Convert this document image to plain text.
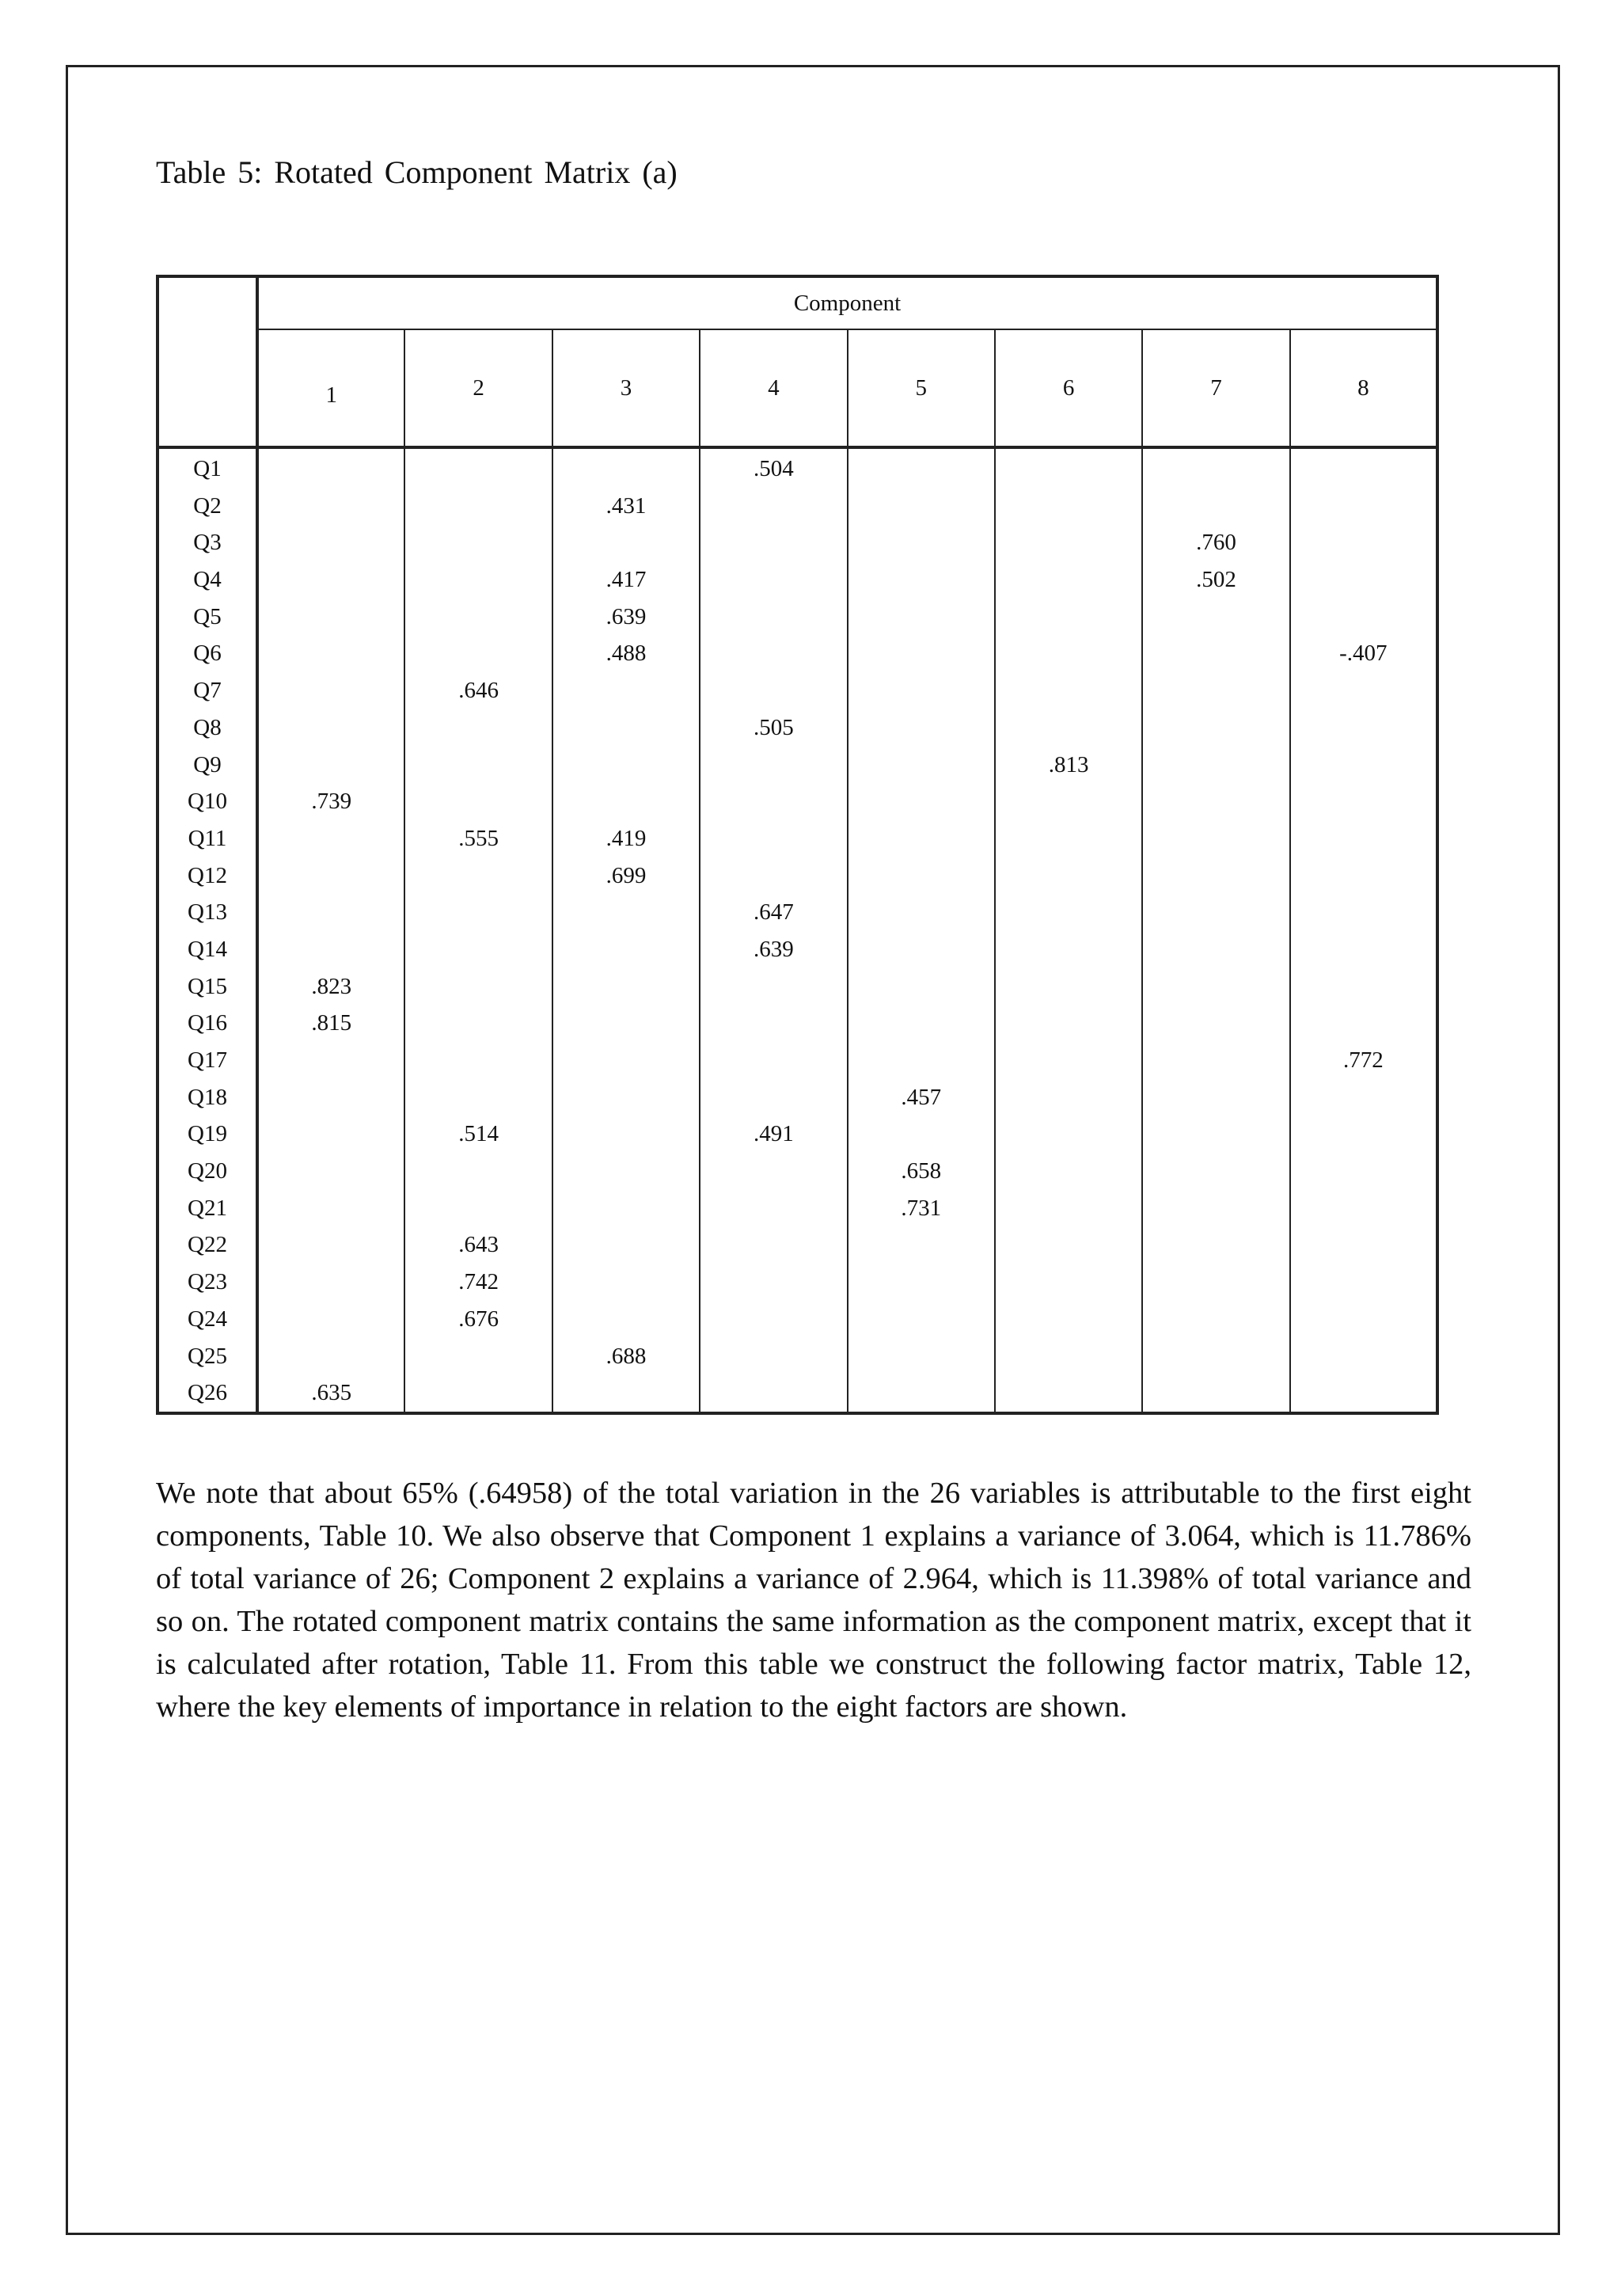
Table 5: Rotated Component Matrix (a)
	Component							
	1	2	3	4	5	6	7	8
Q1				.504				
Q2			.431					
Q3							.760	
Q4			.417				.502	
Q5			.639					
Q6			.488					-.407
Q7		.646						
Q8				.505				
Q9						.813		
Q10	.739							
Q11		.555	.419					
Q12			.699					
Q13				.647				
Q14				.639				
Q15	.823							
Q16	.815							
Q17								.772
Q18					.457			
Q19		.514		.491				
Q20					.658			
Q21					.731			
Q22		.643						
Q23		.742						
Q24		.676						
Q25			.688					
Q26	.635							

We note that about 65% (.64958) of the total variation in the 26 variables is attributable to the first eight components, Table 10. We also observe that Component 1 explains a variance of 3.064, which is 11.786% of total variance of 26; Component 2 explains a variance of 2.964, which is 11.398% of total variance and so on. The rotated component matrix contains the same information as the component matrix, except that it is calculated after rotation, Table 11. From this table we construct the following factor matrix, Table 12, where the key elements of importance in relation to the eight factors are shown.
